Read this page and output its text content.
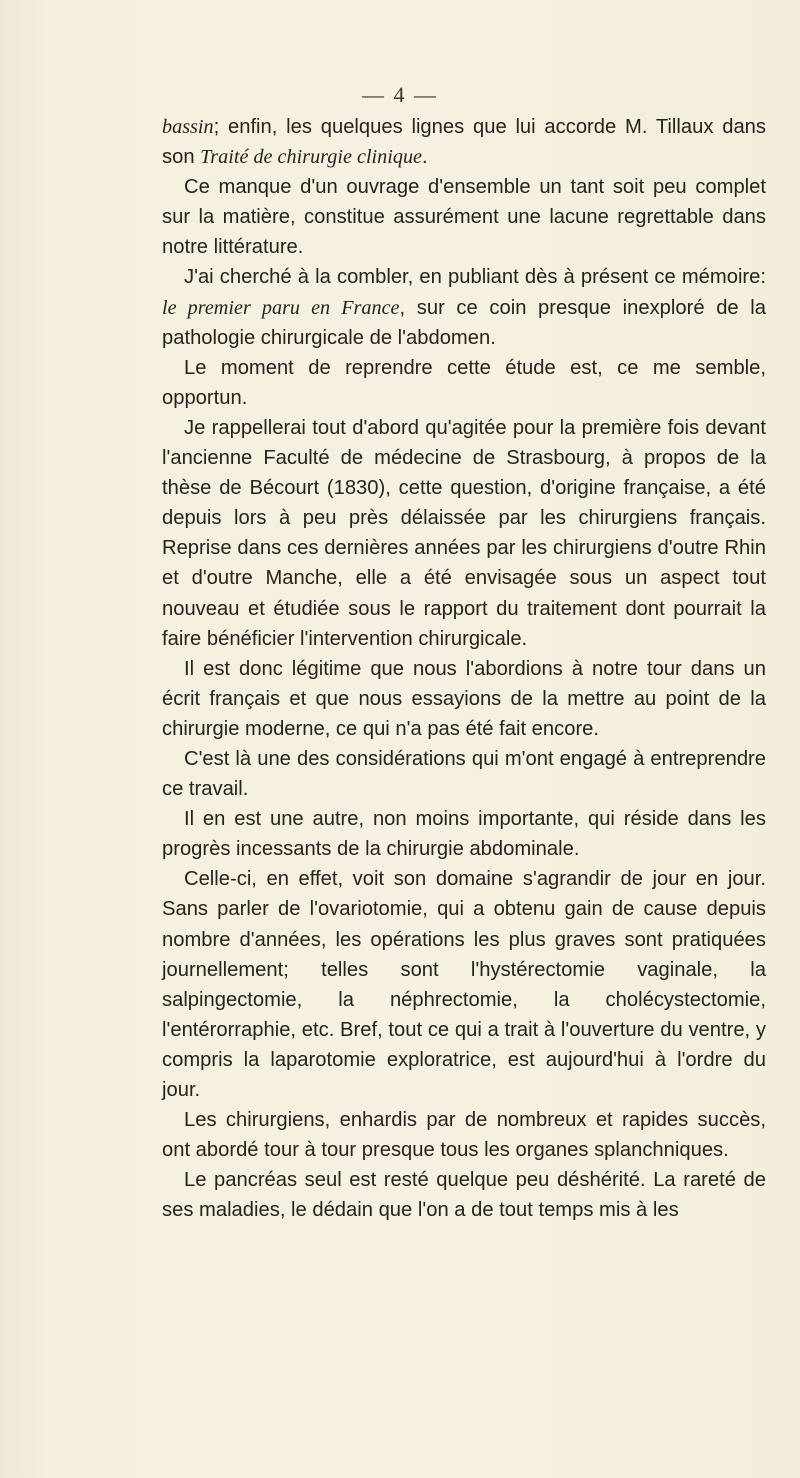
— 4 —

bassin; enfin, les quelques lignes que lui accorde M. Tillaux dans son Traité de chirurgie clinique.

Ce manque d'un ouvrage d'ensemble un tant soit peu complet sur la matière, constitue assurément une lacune regrettable dans notre littérature.

J'ai cherché à la combler, en publiant dès à présent ce mémoire: le premier paru en France, sur ce coin presque inexploré de la pathologie chirurgicale de l'abdomen.

Le moment de reprendre cette étude est, ce me semble, opportun.

Je rappellerai tout d'abord qu'agitée pour la première fois devant l'ancienne Faculté de médecine de Strasbourg, à propos de la thèse de Bécourt (1830), cette question, d'origine française, a été depuis lors à peu près délaissée par les chirurgiens français. Reprise dans ces dernières années par les chirurgiens d'outre Rhin et d'outre Manche, elle a été envisagée sous un aspect tout nouveau et étudiée sous le rapport du traitement dont pourrait la faire bénéficier l'intervention chirurgicale.

Il est donc légitime que nous l'abordions à notre tour dans un écrit français et que nous essayions de la mettre au point de la chirurgie moderne, ce qui n'a pas été fait encore.

C'est là une des considérations qui m'ont engagé à entreprendre ce travail.

Il en est une autre, non moins importante, qui réside dans les progrès incessants de la chirurgie abdominale.

Celle-ci, en effet, voit son domaine s'agrandir de jour en jour. Sans parler de l'ovariotomie, qui a obtenu gain de cause depuis nombre d'années, les opérations les plus graves sont pratiquées journellement; telles sont l'hystérectomie vaginale, la salpingectomie, la néphrectomie, la cholécystectomie, l'entérorraphie, etc. Bref, tout ce qui a trait à l'ouverture du ventre, y compris la laparotomie exploratrice, est aujourd'hui à l'ordre du jour.

Les chirurgiens, enhardis par de nombreux et rapides succès, ont abordé tour à tour presque tous les organes splanchniques.

Le pancréas seul est resté quelque peu déshérité. La rareté de ses maladies, le dédain que l'on a de tout temps mis à les
